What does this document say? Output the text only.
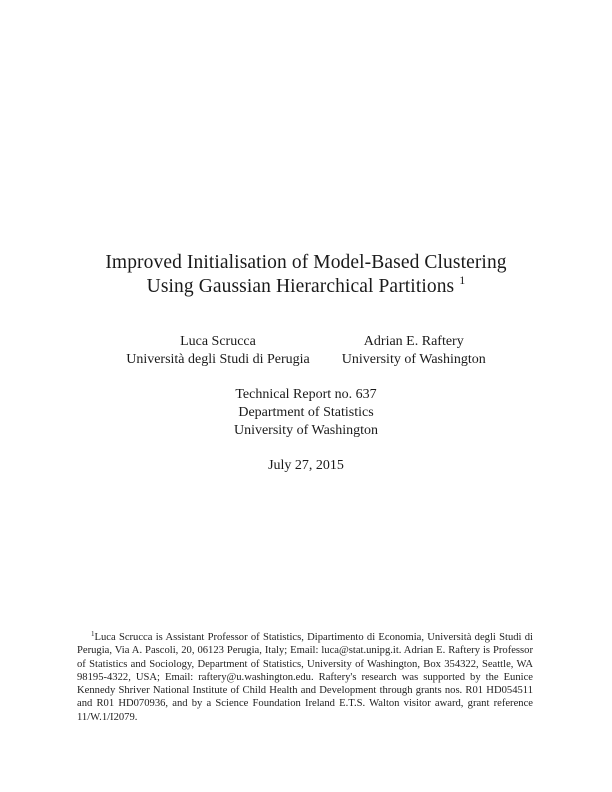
Improved Initialisation of Model-Based Clustering
Using Gaussian Hierarchical Partitions $^1$
Luca Scrucca
Università degli Studi di Perugia
Adrian E. Raftery
University of Washington
Technical Report no. 637
Department of Statistics
University of Washington
July 27, 2015
$^1$Luca Scrucca is Assistant Professor of Statistics, Dipartimento di Economia, Università degli Studi di Perugia, Via A. Pascoli, 20, 06123 Perugia, Italy; Email: luca@stat.unipg.it. Adrian E. Raftery is Professor of Statistics and Sociology, Department of Statistics, University of Washington, Box 354322, Seattle, WA 98195-4322, USA; Email: raftery@u.washington.edu. Raftery's research was supported by the Eunice Kennedy Shriver National Institute of Child Health and Development through grants nos. R01 HD054511 and R01 HD070936, and by a Science Foundation Ireland E.T.S. Walton visitor award, grant reference 11/W.1/I2079.
